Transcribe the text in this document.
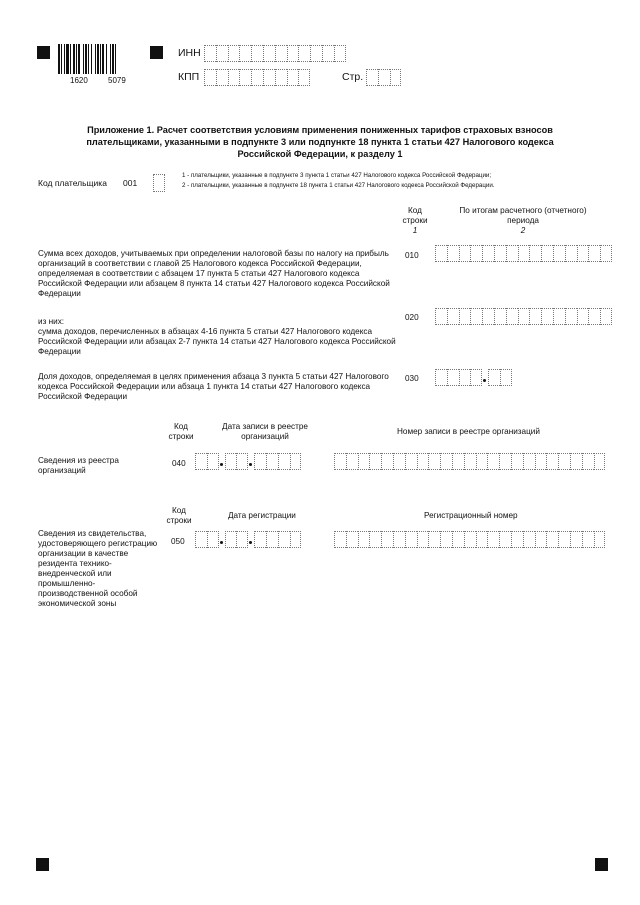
1620	5079
ИНН
КПП	Стр.
Приложение 1. Расчет соответствия условиям применения пониженных тарифов страховых взносов
плательщиками, указанными в подпункте 3 или подпункте 18 пункта 1 статьи 427 Налогового кодекса
Российской Федерации, к разделу 1
Код плательщика 001
1 - плательщики, указанные в подпункте 3 пункта 1 статьи 427 Налогового кодекса Российской Федерации;
2 - плательщики, указанные в подпункте 18 пункта 1 статьи 427 Налогового кодекса Российской Федерации.
Код
строки
1
По итогам расчетного (отчетного)
периода
2
Сумма всех доходов, учитываемых при определении налоговой базы по налогу на прибыль организаций в соответствии с главой 25 Налогового кодекса Российской Федерации, определяемая в соответствии с абзацем 17 пункта 5 статьи 427 Налогового кодекса Российской Федерации или абзацем 8 пункта 14 статьи 427 Налогового кодекса Российской Федерации
010
из них:
сумма доходов, перечисленных в абзацах 4-16 пункта 5 статьи 427 Налогового кодекса Российской Федерации или абзацах 2-7 пункта 14 статьи 427 Налогового кодекса Российской Федерации
020
Доля доходов, определяемая в целях применения абзаца 3 пункта 5 статьи 427 Налогового кодекса Российской Федерации или абзаца 1 пункта 14 статьи 427 Налогового кодекса Российской Федерации
030
Код
строки
Дата записи в реестре
организаций
Номер записи в реестре организаций
Сведения из реестра организаций
040
Код
строки
Дата регистрации	Регистрационный номер
Сведения из свидетельства, удостоверяющего регистрацию организации в качестве резидента технико-внедренческой или промышленно-производственной особой экономической зоны
050
